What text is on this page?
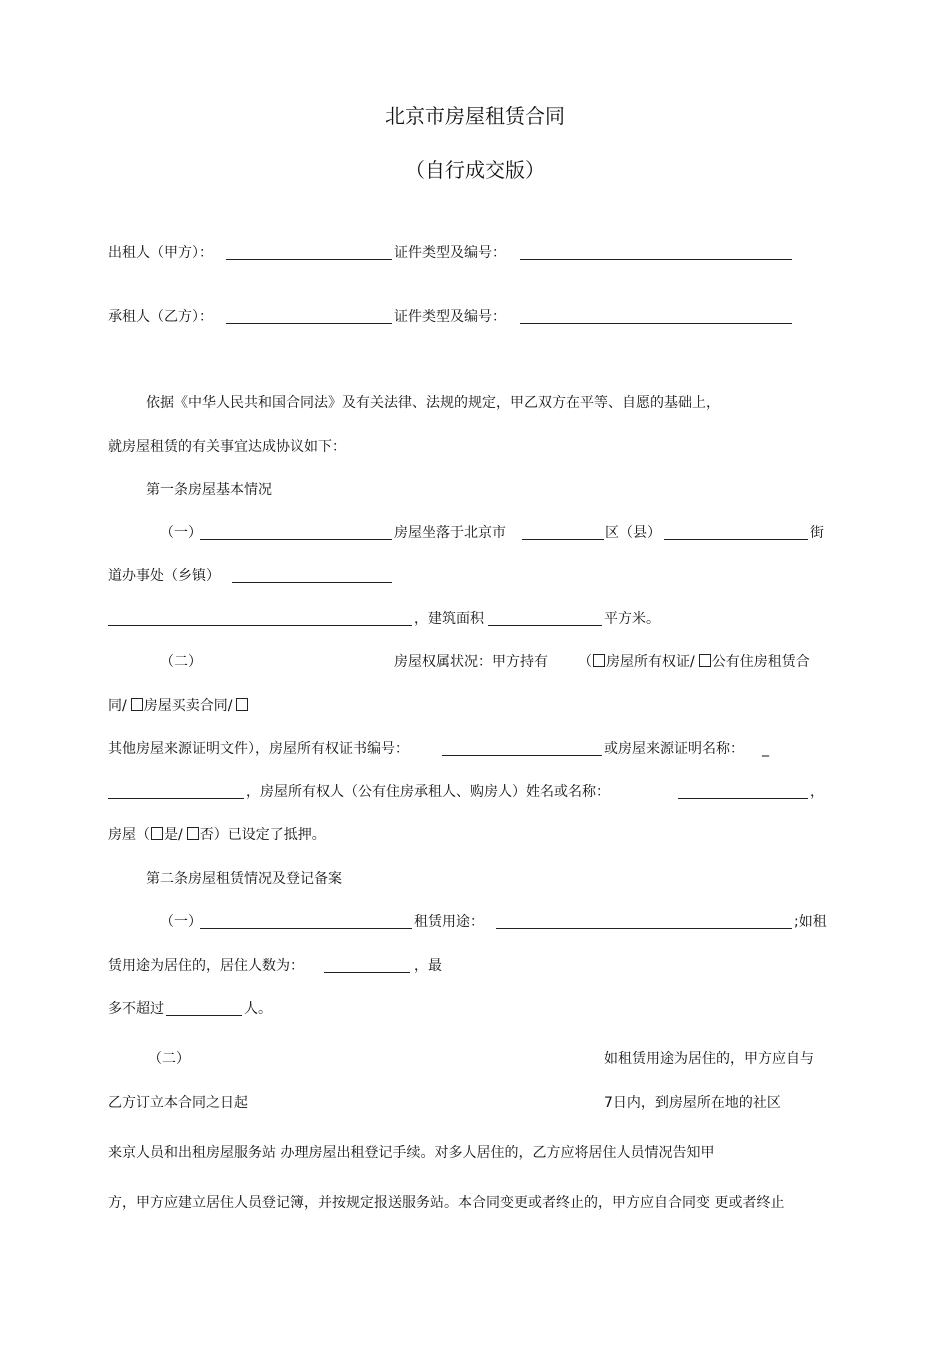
北京市房屋租赁合同
（自行成交版）
出租人（甲方）：	证件类型及编号：
承租人（乙方）：	证件类型及编号：
依据《中华人民共和国合同法》及有关法律、法规的规定，甲乙双方在平等、自愿的基础上，
就房屋租赁的有关事宜达成协议如下：
第一条房屋基本情况
（一）	房屋坐落于北京市	区（县）	街
道办事处（乡镇）
，建筑面积	平方米。
（二）	房屋权属状况：甲方持有 （ 房屋所有权证/ 公有住房租赁合
同/ 房屋买卖合同/
其他房屋来源证明文件），房屋所有权证书编号：	或房屋来源证明名称： _
，房屋所有权人（公有住房承租人、购房人）姓名或名称：	，
房屋（ 是/ 否）已设定了抵押。
第二条房屋租赁情况及登记备案
（一）	租赁用途：	;如租
赁用途为居住的，居住人数为：	，最
多不超过	人。
（二）	如租赁用途为居住的，甲方应自与
乙方订立本合同之日起	7日内，到房屋所在地的社区
来京人员和出租房屋服务站 办理房屋出租登记手续。对多人居住的，乙方应将居住人员情况告知甲
方，甲方应建立居住人员登记簿，并按规定报送服务站。本合同变更或者终止的，甲方应自合同变 更或者终止
